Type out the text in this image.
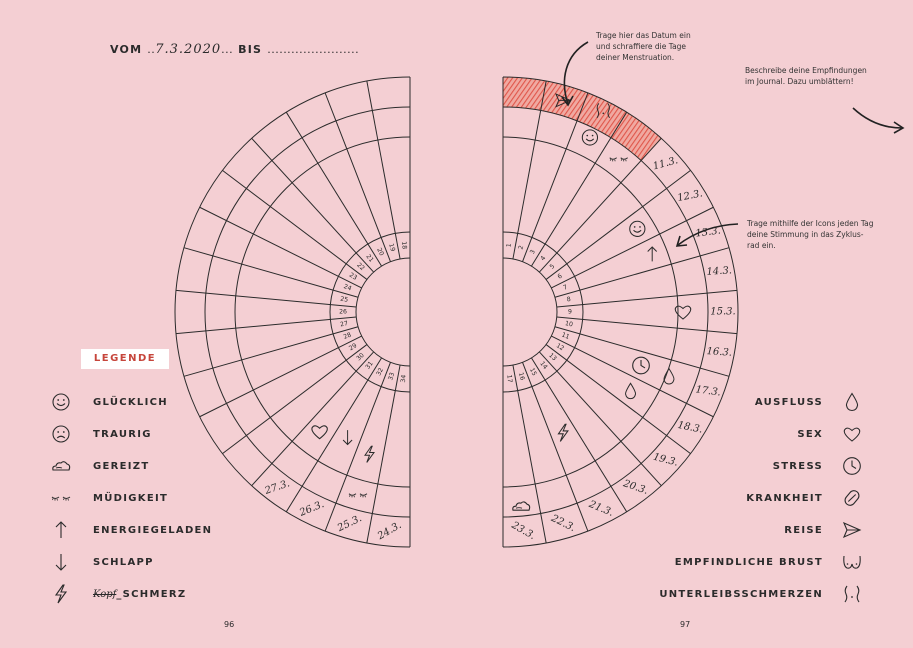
VOM ..7.3.2020... BIS .......................
Trage hier das Datum ein
und schraffiere die Tage
deiner Menstruation.
Beschreibe deine Empfindungen
im Journal. Dazu umblättern!
Trage mithilfe der Icons jeden Tag
deine Stimmung in das Zyklus-
rad ein.
18
19
20
21
22
23
24
25
26
27
28
29
30
31
32 33 34
24.3.
25.3.
26.3.
27.3.
1 2
3
4
5
6
7
8
9
10
11
12
13
14
15
16
17
11.3.
12.3.
13.3.
14.3.
15.3.
16.3.
17.3.
18.3.
19.3.
20.3.
21.3.
22.3.
23.3.
LEGENDE
GLÜCKLICH
TRAURIG
GEREIZT
MÜDIGKEIT
ENERGIEGELADEN
SCHLAPP
Kopf_SCHMERZ
AUSFLUSS
SEX
STRESS
KRANKHEIT
REISE
EMPFINDLICHE BRUST
UNTERLEIBSSCHMERZEN
96	97
